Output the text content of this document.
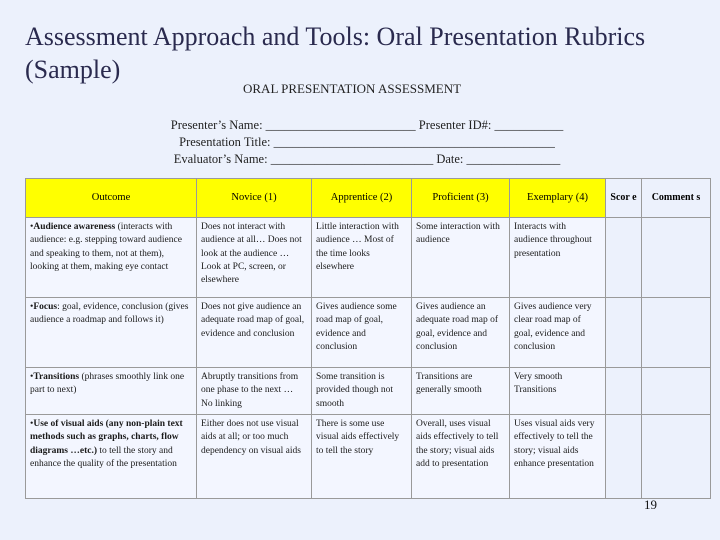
Assessment Approach and Tools: Oral Presentation Rubrics (Sample)
ORAL PRESENTATION ASSESSMENT
Presenter’s Name: ________________________ Presenter ID#: ___________
Presentation Title: _____________________________________________
Evaluator’s Name: __________________________ Date: _______________
Outcome	Novice (1)	Apprentice (2)	Proficient (3)	Exemplary (4)	Scor e	Comment s
•Audience awareness (interacts with audience: e.g. stepping toward audience and speaking to them, not at them), looking at them, making eye contact	Does not interact with audience at all… Does not look at the audience … Look at PC, screen, or elsewhere	Little interaction with audience … Most of the time looks elsewhere	Some interaction with audience	Interacts with audience throughout presentation		
•Focus: goal, evidence, conclusion (gives audience a roadmap and follows it)	Does not give audience an adequate road map of goal, evidence and conclusion	Gives audience some road map of goal, evidence and conclusion	Gives audience an adequate road map of goal, evidence and conclusion	Gives audience very clear road map of goal, evidence and conclusion		
•Transitions (phrases smoothly link one part to next)	Abruptly transitions from one phase to the next … No linking	Some transition is provided though not smooth	Transitions are generally smooth	Very smooth Transitions		
•Use of visual aids (any non-plain text methods such as graphs, charts, flow diagrams …etc.) to tell the story and enhance the quality of the presentation	Either does not use visual aids at all; or too much dependency on visual aids	There is some use visual aids effectively to tell the story	Overall, uses visual aids effectively to tell the story; visual aids add to presentation	Uses visual aids very effectively to tell the story; visual aids enhance presentation		
19
